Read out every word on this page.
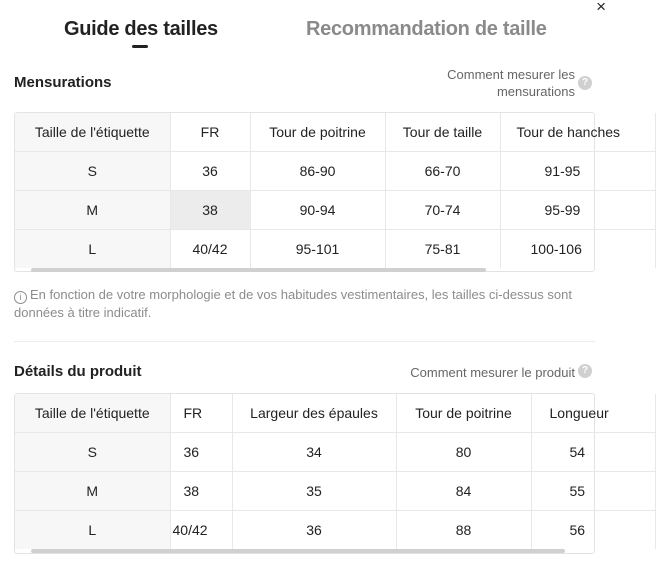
×
Guide des tailles	Recommandation de taille
Mensurations	Comment mesurer les
mensurations
?
Taille de l'étiquette	FR	Tour de poitrine	Tour de taille	Tour de hanches
S	36	86-90	66-70	91-95
M	38	90-94	70-74	95-99
L	40/42	95-101	75-81	100-106
i En fonction de votre morphologie et de vos habitudes vestimentaires, les tailles ci-dessus sont données à titre indicatif.
Détails du produit	Comment mesurer le produit ?
Taille de l'étiquette	FR	Largeur des épaules	Tour de poitrine	Longueur
S	36	34	80	54
M	38	35	84	55
L	40/42	36	88	56
